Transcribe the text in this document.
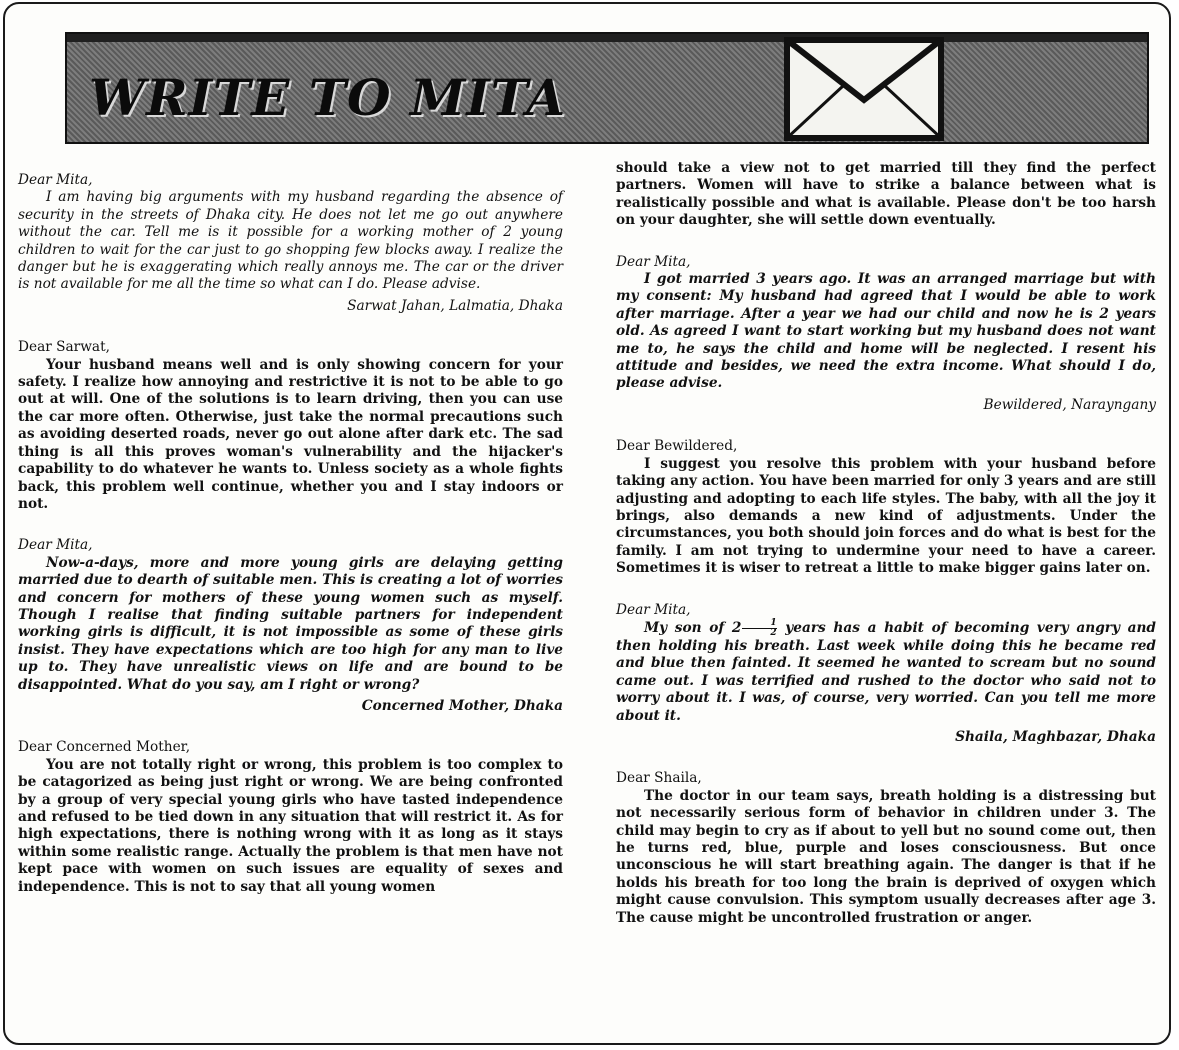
WRITE TO MITA

Dear Mita,

I am having big arguments with my husband regarding the absence of security in the streets of Dhaka city. He does not let me go out anywhere without the car. Tell me is it possible for a working mother of 2 young children to wait for the car just to go shopping few blocks away. I realize the danger but he is exaggerating which really annoys me. The car or the driver is not available for me all the time so what can I do. Please advise.

Sarwat Jahan, Lalmatia, Dhaka

Dear Sarwat,

Your husband means well and is only showing concern for your safety. I realize how annoying and restrictive it is not to be able to go out at will. One of the solutions is to learn driving, then you can use the car more often. Otherwise, just take the normal precautions such as avoiding deserted roads, never go out alone after dark etc. The sad thing is all this proves woman's vulnerability and the hijacker's capability to do whatever he wants to. Unless society as a whole fights back, this problem well continue, whether you and I stay indoors or not.

Dear Mita,

Now-a-days, more and more young girls are delaying getting married due to dearth of suitable men. This is creating a lot of worries and concern for mothers of these young women such as myself. Though I realise that finding suitable partners for independent working girls is difficult, it is not impossible as some of these girls insist. They have expectations which are too high for any man to live up to. They have unrealistic views on life and are bound to be disappointed. What do you say, am I right or wrong?

Concerned Mother, Dhaka

Dear Concerned Mother,

You are not totally right or wrong, this problem is too complex to be catagorized as being just right or wrong. We are being confronted by a group of very special young girls who have tasted independence and refused to be tied down in any situation that will restrict it. As for high expectations, there is nothing wrong with it as long as it stays within some realistic range. Actually the problem is that men have not kept pace with women on such issues are equality of sexes and independence. This is not to say that all young women

should take a view not to get married till they find the perfect partners. Women will have to strike a balance between what is realistically possible and what is available. Please don't be too harsh on your daughter, she will settle down eventually.

Dear Mita,

I got married 3 years ago. It was an arranged marriage but with my consent: My husband had agreed that I would be able to work after marriage. After a year we had our child and now he is 2 years old. As agreed I want to start working but my husband does not want me to, he says the child and home will be neglected. I resent his attitude and besides, we need the extra income. What should I do, please advise.

Bewildered, Narayngany

Dear Bewildered,

I suggest you resolve this problem with your husband before taking any action. You have been married for only 3 years and are still adjusting and adopting to each life styles. The baby, with all the joy it brings, also demands a new kind of adjustments. Under the circumstances, you both should join forces and do what is best for the family. I am not trying to undermine your need to have a career. Sometimes it is wiser to retreat a little to make bigger gains later on.

Dear Mita,

My son of $2 \frac{1}{2}$ years has a habit of becoming very angry and then holding his breath. Last week while doing this he became red and blue then fainted. It seemed he wanted to scream but no sound came out. I was terrified and rushed to the doctor who said not to worry about it. I was, of course, very worried. Can you tell me more about it.

Shaila, Maghbazar, Dhaka

Dear Shaila,

The doctor in our team says, breath holding is a distressing but not necessarily serious form of behavior in children under 3. The child may begin to cry as if about to yell but no sound come out, then he turns red, blue, purple and loses consciousness. But once unconscious he will start breathing again. The danger is that if he holds his breath for too long the brain is deprived of oxygen which might cause convulsion. This symptom usually decreases after age 3. The cause might be uncontrolled frustration or anger.
